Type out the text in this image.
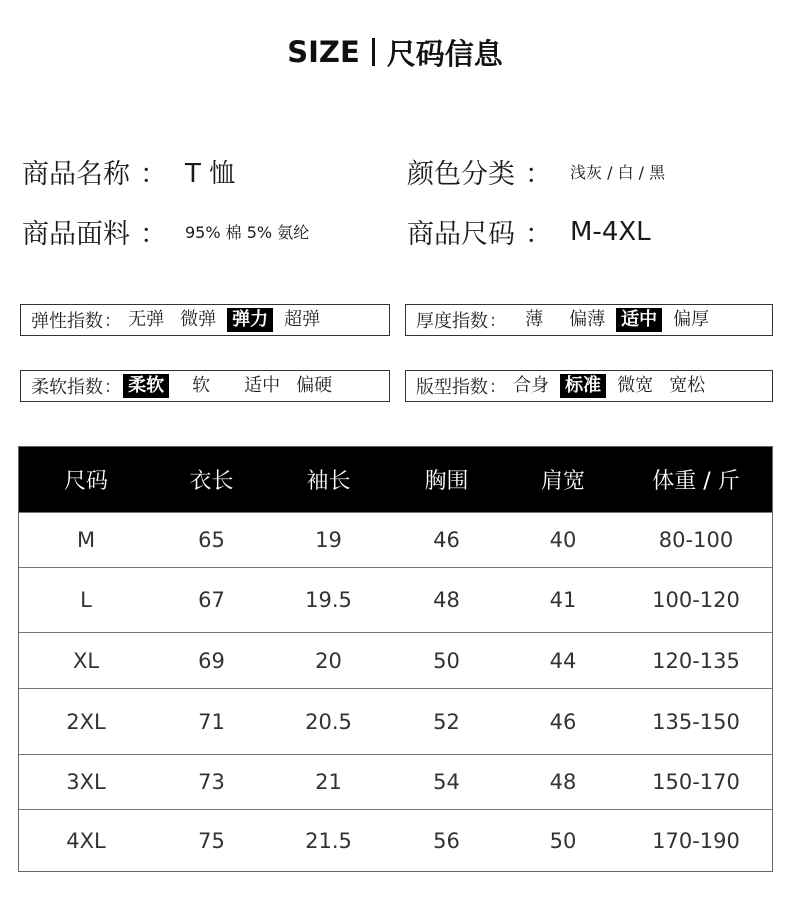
SIZE 尺码信息
商品名称 ： T 恤	颜色分类 ： 浅灰 / 白 / 黑
商品面料 ： 95% 棉 5% 氨纶	商品尺码 ： M-4XL
弹性指数 : 无弹 微弹 弹力 超弹	厚度指数 : 薄 偏薄 适中 偏厚
柔软指数 : 柔软 软 适中 偏硬	版型指数 : 合身 标准 微宽 宽松
尺码	衣长	袖长	胸围	肩宽	体重 / 斤
M	65	19	46	40	80-100
L	67	19.5	48	41	100-120
XL	69	20	50	44	120-135
2XL	71	20.5	52	46	135-150
3XL	73	21	54	48	150-170
4XL	75	21.5	56	50	170-190
